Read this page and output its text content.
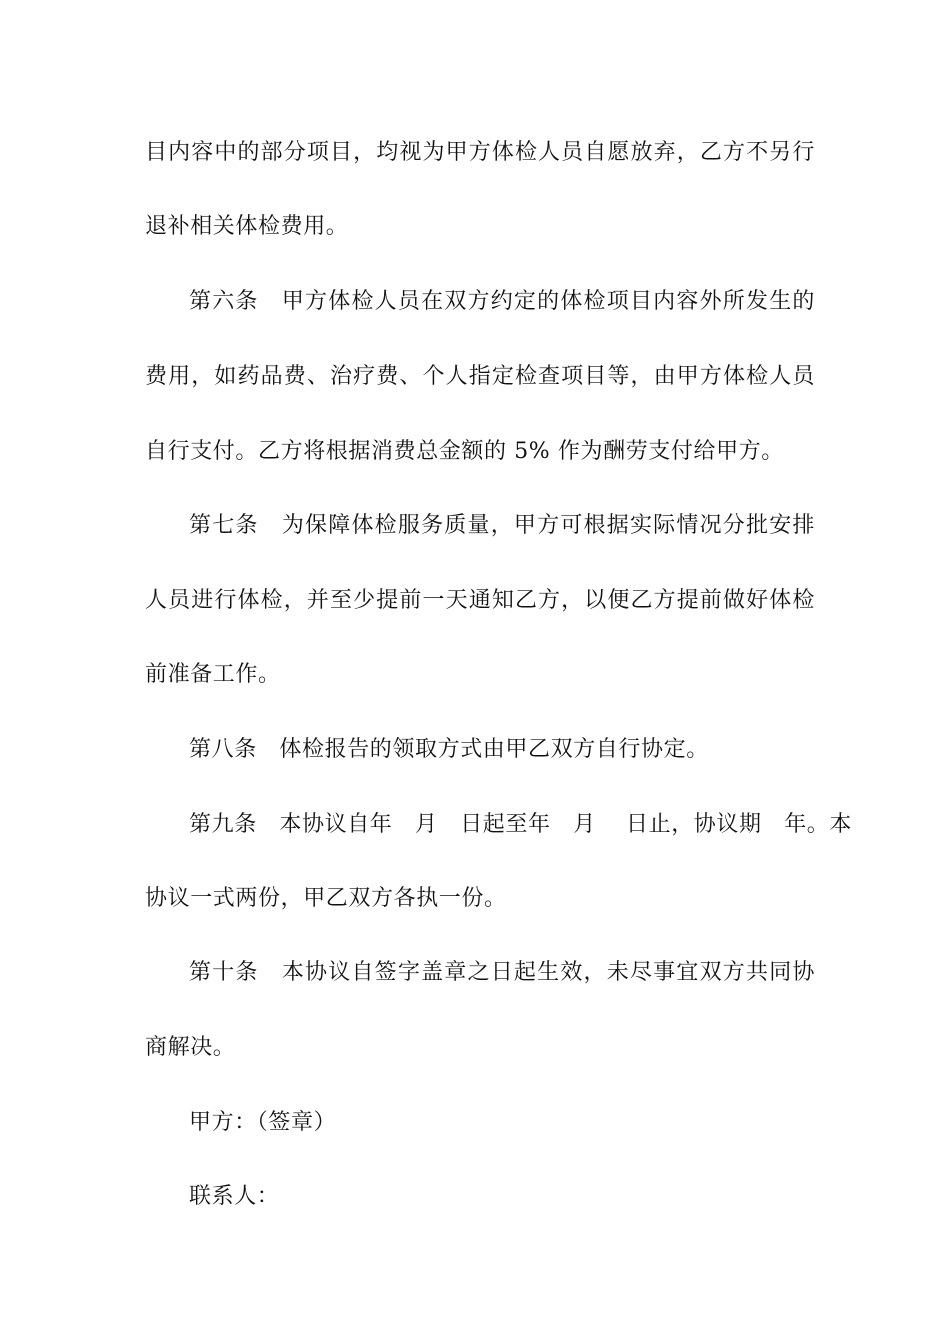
目内容中的部分项目，均视为甲方体检人员自愿放弃，乙方不另行
退补相关体检费用。
第六条　甲方体检人员在双方约定的体检项目内容外所发生的
费用，如药品费、治疗费、个人指定检查项目等，由甲方体检人员
自行支付。乙方将根据消费总金额的 5% 作为酬劳支付给甲方。
第七条　为保障体检服务质量，甲方可根据实际情况分批安排
人员进行体检，并至少提前一天通知乙方，以便乙方提前做好体检
前准备工作。
第八条　体检报告的领取方式由甲乙双方自行协定。
第九条　本协议自年　月　日起至年　月　 日止，协议期　年。本
协议一式两份，甲乙双方各执一份。
第十条　本协议自签字盖章之日起生效，未尽事宜双方共同协
商解决。
甲方：（签章）
联系人：
